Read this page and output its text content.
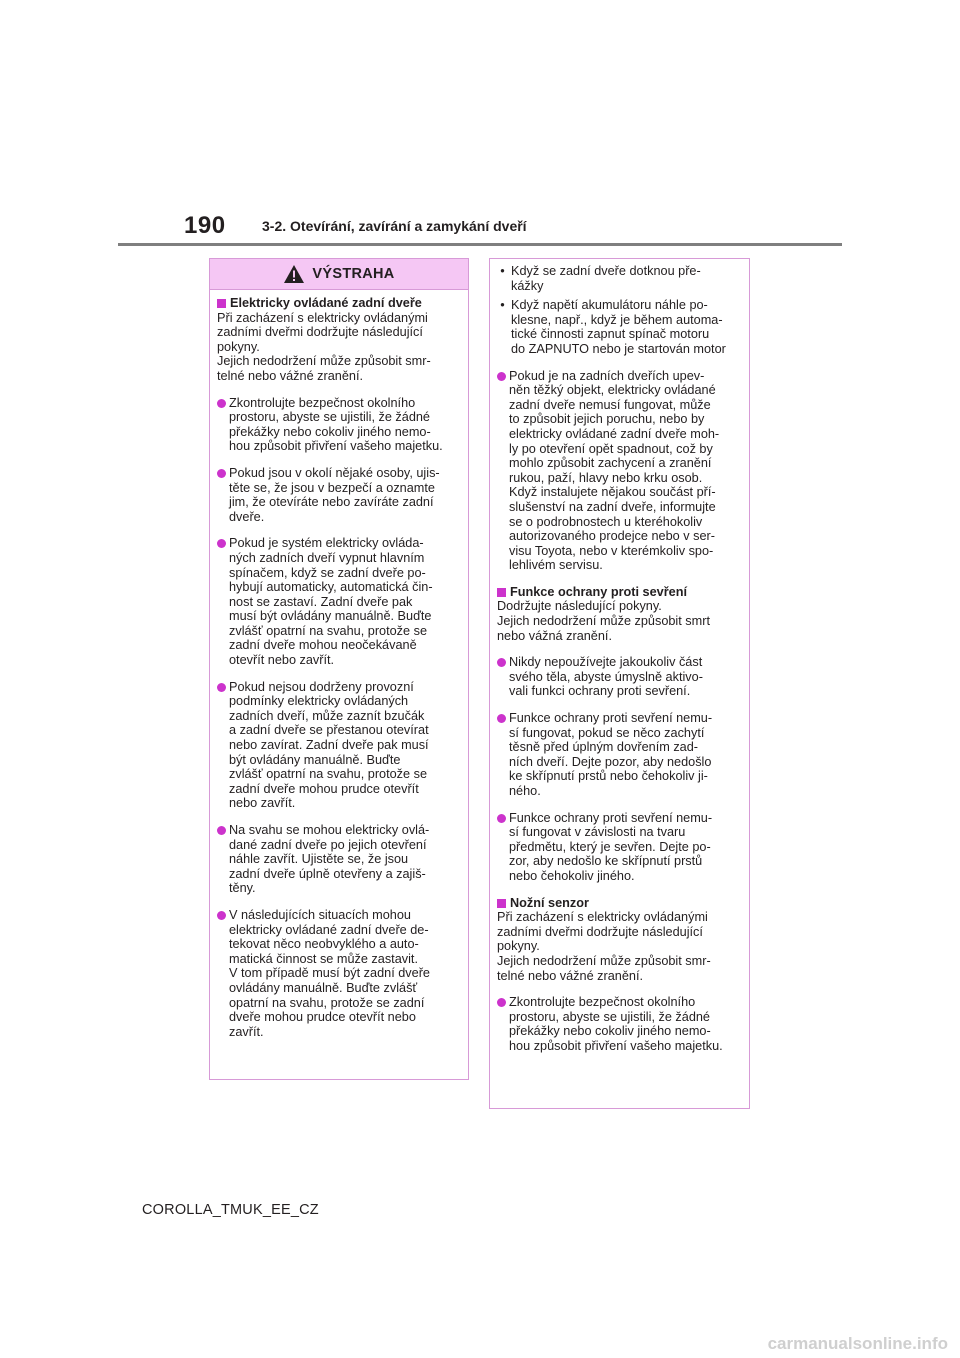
190	3-2. Otevírání, zavírání a zamykání dveří
VÝSTRAHA
Elektricky ovládané zadní dveře
Při zacházení s elektricky ovládanými
zadními dveřmi dodržujte následující
pokyny.
Jejich nedodržení může způsobit smr-
telné nebo vážné zranění.
Zkontrolujte bezpečnost okolního
prostoru, abyste se ujistili, že žádné
překážky nebo cokoliv jiného nemo-
hou způsobit přivření vašeho majetku.
Pokud jsou v okolí nějaké osoby, ujis-
těte se, že jsou v bezpečí a oznamte
jim, že otevíráte nebo zavíráte zadní
dveře.
Pokud je systém elektricky ovláda-
ných zadních dveří vypnut hlavním
spínačem, když se zadní dveře po-
hybují automaticky, automatická čin-
nost se zastaví. Zadní dveře pak
musí být ovládány manuálně. Buďte
zvlášť opatrní na svahu, protože se
zadní dveře mohou neočekávaně
otevřít nebo zavřít.
Pokud nejsou dodrženy provozní
podmínky elektricky ovládaných
zadních dveří, může zaznít bzučák
a zadní dveře se přestanou otevírat
nebo zavírat. Zadní dveře pak musí
být ovládány manuálně. Buďte
zvlášť opatrní na svahu, protože se
zadní dveře mohou prudce otevřít
nebo zavřít.
Na svahu se mohou elektricky ovlá-
dané zadní dveře po jejich otevření
náhle zavřít. Ujistěte se, že jsou
zadní dveře úplně otevřeny a zajiš-
těny.
V následujících situacích mohou
elektricky ovládané zadní dveře de-
tekovat něco neobvyklého a auto-
matická činnost se může zastavit.
V tom případě musí být zadní dveře
ovládány manuálně. Buďte zvlášť
opatrní na svahu, protože se zadní
dveře mohou prudce otevřít nebo
zavřít.
• Když se zadní dveře dotknou pře-
kážky
• Když napětí akumulátoru náhle po-
klesne, např., když je během automa-
tické činnosti zapnut spínač motoru
do ZAPNUTO nebo je startován motor
Pokud je na zadních dveřích upev-
něn těžký objekt, elektricky ovládané
zadní dveře nemusí fungovat, může
to způsobit jejich poruchu, nebo by
elektricky ovládané zadní dveře moh-
ly po otevření opět spadnout, což by
mohlo způsobit zachycení a zranění
rukou, paží, hlavy nebo krku osob.
Když instalujete nějakou součást pří-
slušenství na zadní dveře, informujte
se o podrobnostech u kteréhokoliv
autorizovaného prodejce nebo v ser-
visu Toyota, nebo v kterémkoliv spo-
lehlivém servisu.
Funkce ochrany proti sevření
Dodržujte následující pokyny.
Jejich nedodržení může způsobit smrt
nebo vážná zranění.
Nikdy nepoužívejte jakoukoliv část
svého těla, abyste úmyslně aktivo-
vali funkci ochrany proti sevření.
Funkce ochrany proti sevření nemu-
sí fungovat, pokud se něco zachytí
těsně před úplným dovřením zad-
ních dveří. Dejte pozor, aby nedošlo
ke skřípnutí prstů nebo čehokoliv ji-
ného.
Funkce ochrany proti sevření nemu-
sí fungovat v závislosti na tvaru
předmětu, který je sevřen. Dejte po-
zor, aby nedošlo ke skřípnutí prstů
nebo čehokoliv jiného.
Nožní senzor
Při zacházení s elektricky ovládanými
zadními dveřmi dodržujte následující
pokyny.
Jejich nedodržení může způsobit smr-
telné nebo vážné zranění.
Zkontrolujte bezpečnost okolního
prostoru, abyste se ujistili, že žádné
překážky nebo cokoliv jiného nemo-
hou způsobit přivření vašeho majetku.
COROLLA_TMUK_EE_CZ
carmanualsonline.info
